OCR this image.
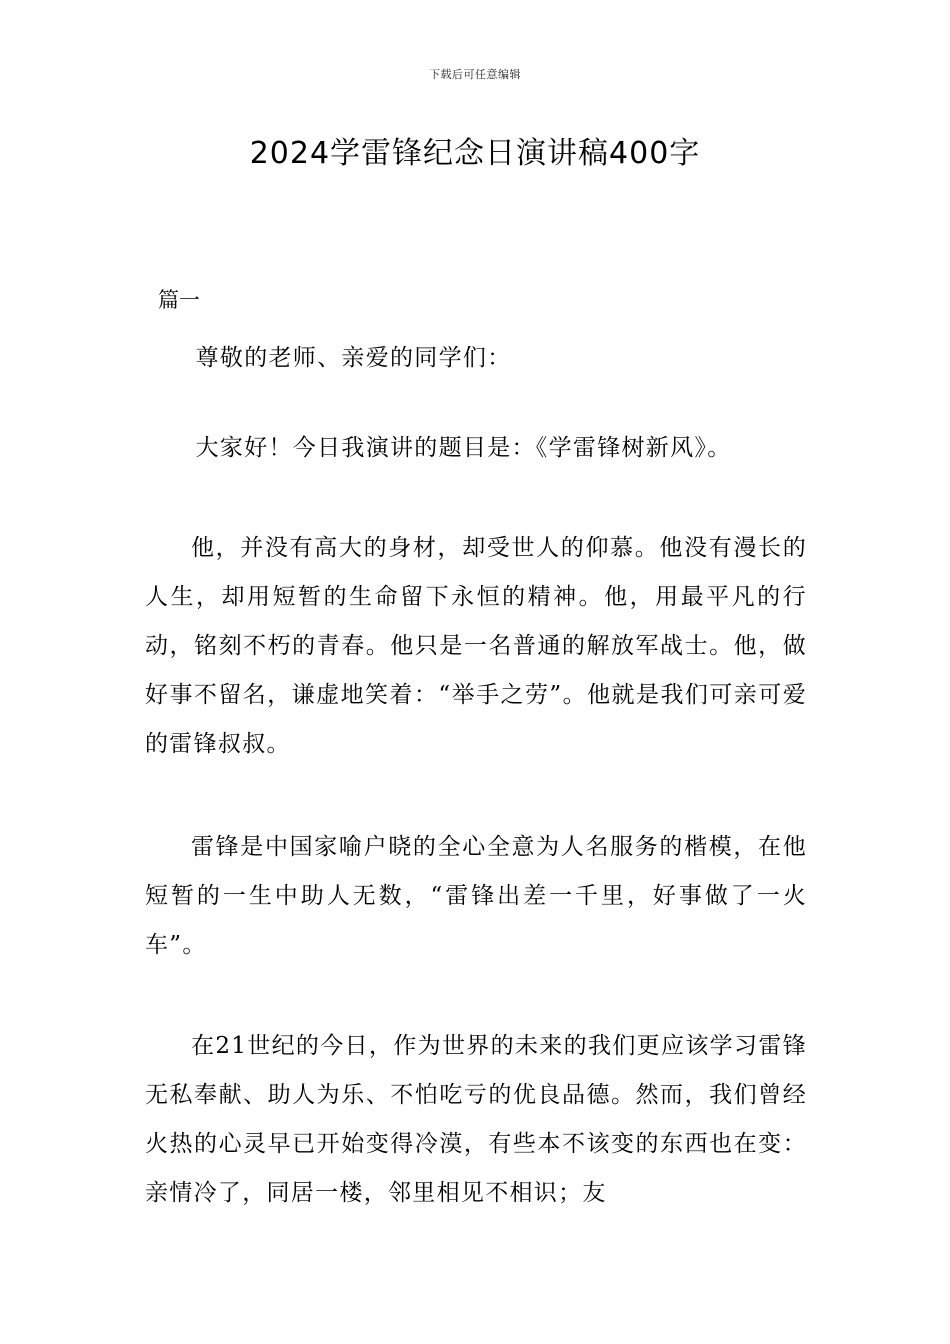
下载后可任意编辑
2024学雷锋纪念日演讲稿400字
篇一

尊敬的老师、亲爱的同学们：

大家好！今日我演讲的题目是：《学雷锋树新风》。

他，并没有高大的身材，却受世人的仰慕。他没有漫长的人生，却用短暂的生命留下永恒的精神。他，用最平凡的行动，铭刻不朽的青春。他只是一名普通的解放军战士。他，做好事不留名，谦虚地笑着：“举手之劳”。他就是我们可亲可爱的雷锋叔叔。

雷锋是中国家喻户晓的全心全意为人名服务的楷模，在他短暂的一生中助人无数，“雷锋出差一千里，好事做了一火车”。

在21世纪的今日，作为世界的未来的我们更应该学习雷锋无私奉献、助人为乐、不怕吃亏的优良品德。然而，我们曾经火热的心灵早已开始变得冷漠，有些本不该变的东西也在变：亲情冷了，同居一楼，邻里相见不相识；友
